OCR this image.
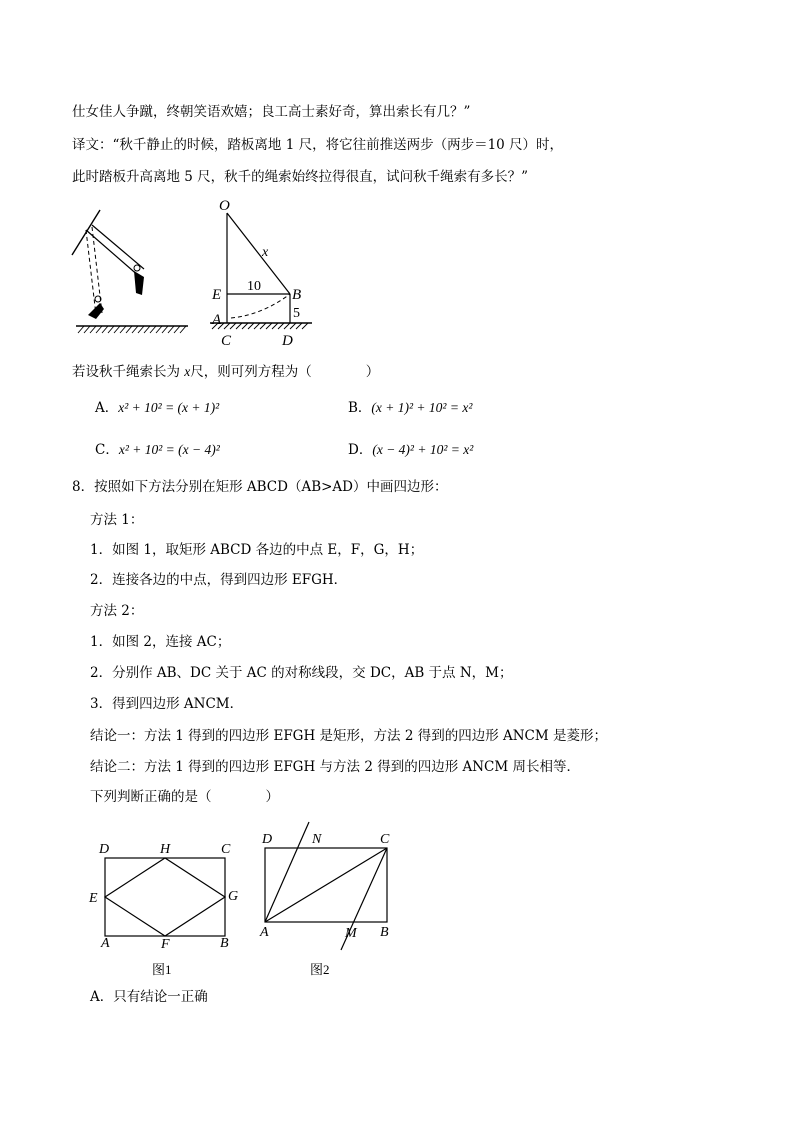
仕女佳人争蹴，终朝笑语欢嬉；良工高士素好奇，算出索长有几？”
译文：“秋千静止的时候，踏板离地 1 尺，将它往前推送两步（两步＝10 尺）时，
此时踏板升高离地 5 尺，秋千的绳索始终拉得很直，试问秋千绳索有多长？”
O
x
E
10
B
5
A
C	D
若设秋千绳索长为 x尺，则可列方程为（　　　　）
A．x² + 10² = (x + 1)²	B．(x + 1)² + 10² = x²
C．x² + 10² = (x − 4)²	D．(x − 4)² + 10² = x²
8．按照如下方法分别在矩形 ABCD（AB>AD）中画四边形：
方法 1：
1．如图 1，取矩形 ABCD 各边的中点 E，F，G，H；
2．连接各边的中点，得到四边形 EFGH．
方法 2：
1．如图 2，连接 AC；
2．分别作 AB、DC 关于 AC 的对称线段，交 DC，AB 于点 N，M；
3．得到四边形 ANCM．
结论一：方法 1 得到的四边形 EFGH 是矩形，方法 2 得到的四边形 ANCM 是菱形；
结论二：方法 1 得到的四边形 EFGH 与方法 2 得到的四边形 ANCM 周长相等．
下列判断正确的是（　　　　）
D	H	C
E	G
A	F	B
图1
D	N	C
A	M B
图2
A．只有结论一正确
